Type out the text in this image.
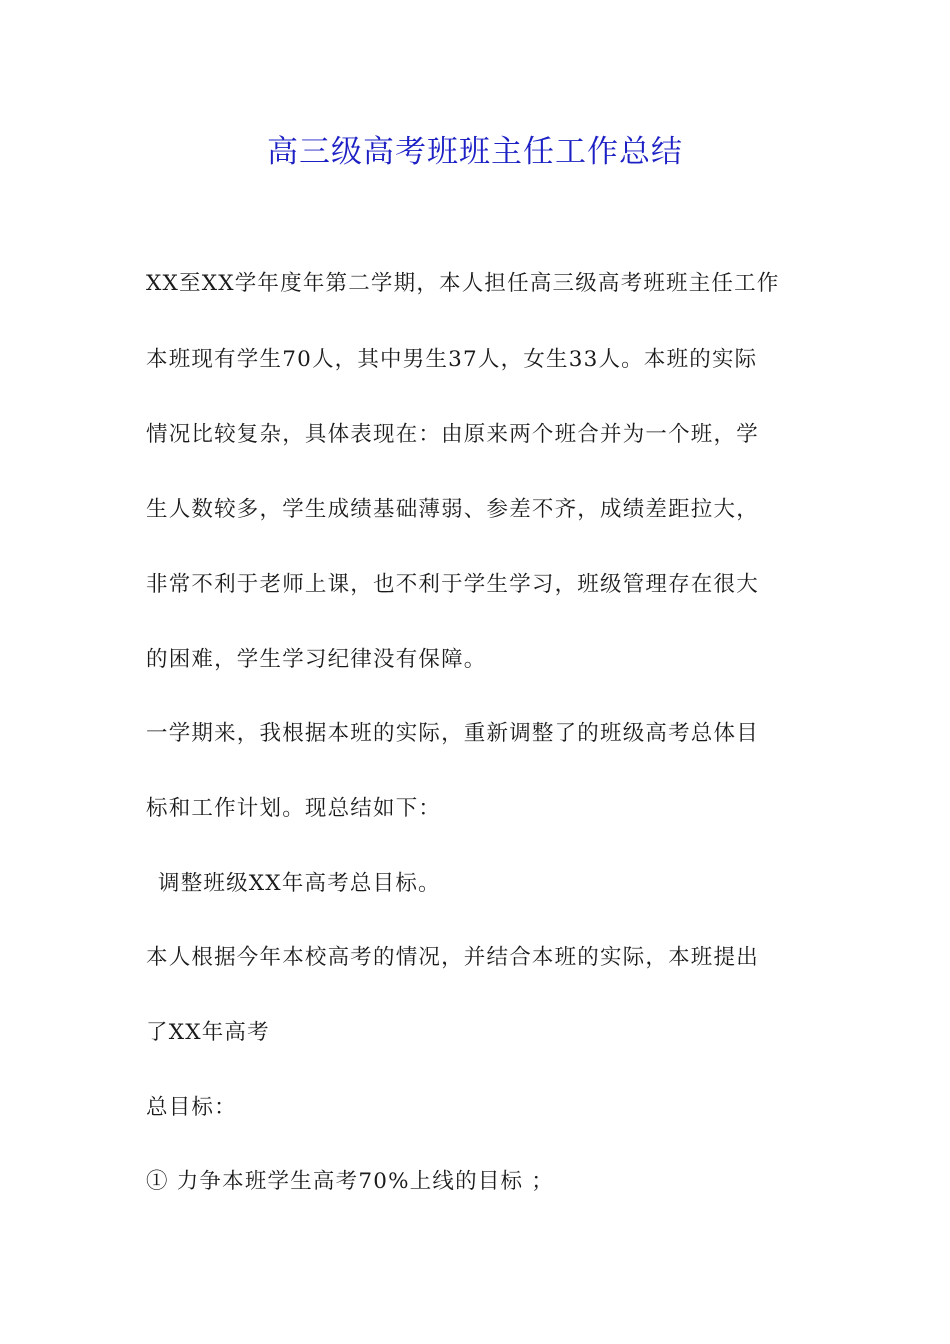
高三级高考班班主任工作总结
XX至XX学年度年第二学期，本人担任高三级高考班班主任工作
本班现有学生70人，其中男生37人，女生33人。本班的实际
情况比较复杂，具体表现在：由原来两个班合并为一个班，学
生人数较多，学生成绩基础薄弱、参差不齐，成绩差距拉大，
非常不利于老师上课，也不利于学生学习，班级管理存在很大
的困难，学生学习纪律没有保障。
一学期来，我根据本班的实际，重新调整了的班级高考总体目
标和工作计划。现总结如下：
调整班级XX年高考总目标。
本人根据今年本校高考的情况，并结合本班的实际，本班提出
了XX年高考
总目标：
① 力争本班学生高考70%上线的目标 ；
